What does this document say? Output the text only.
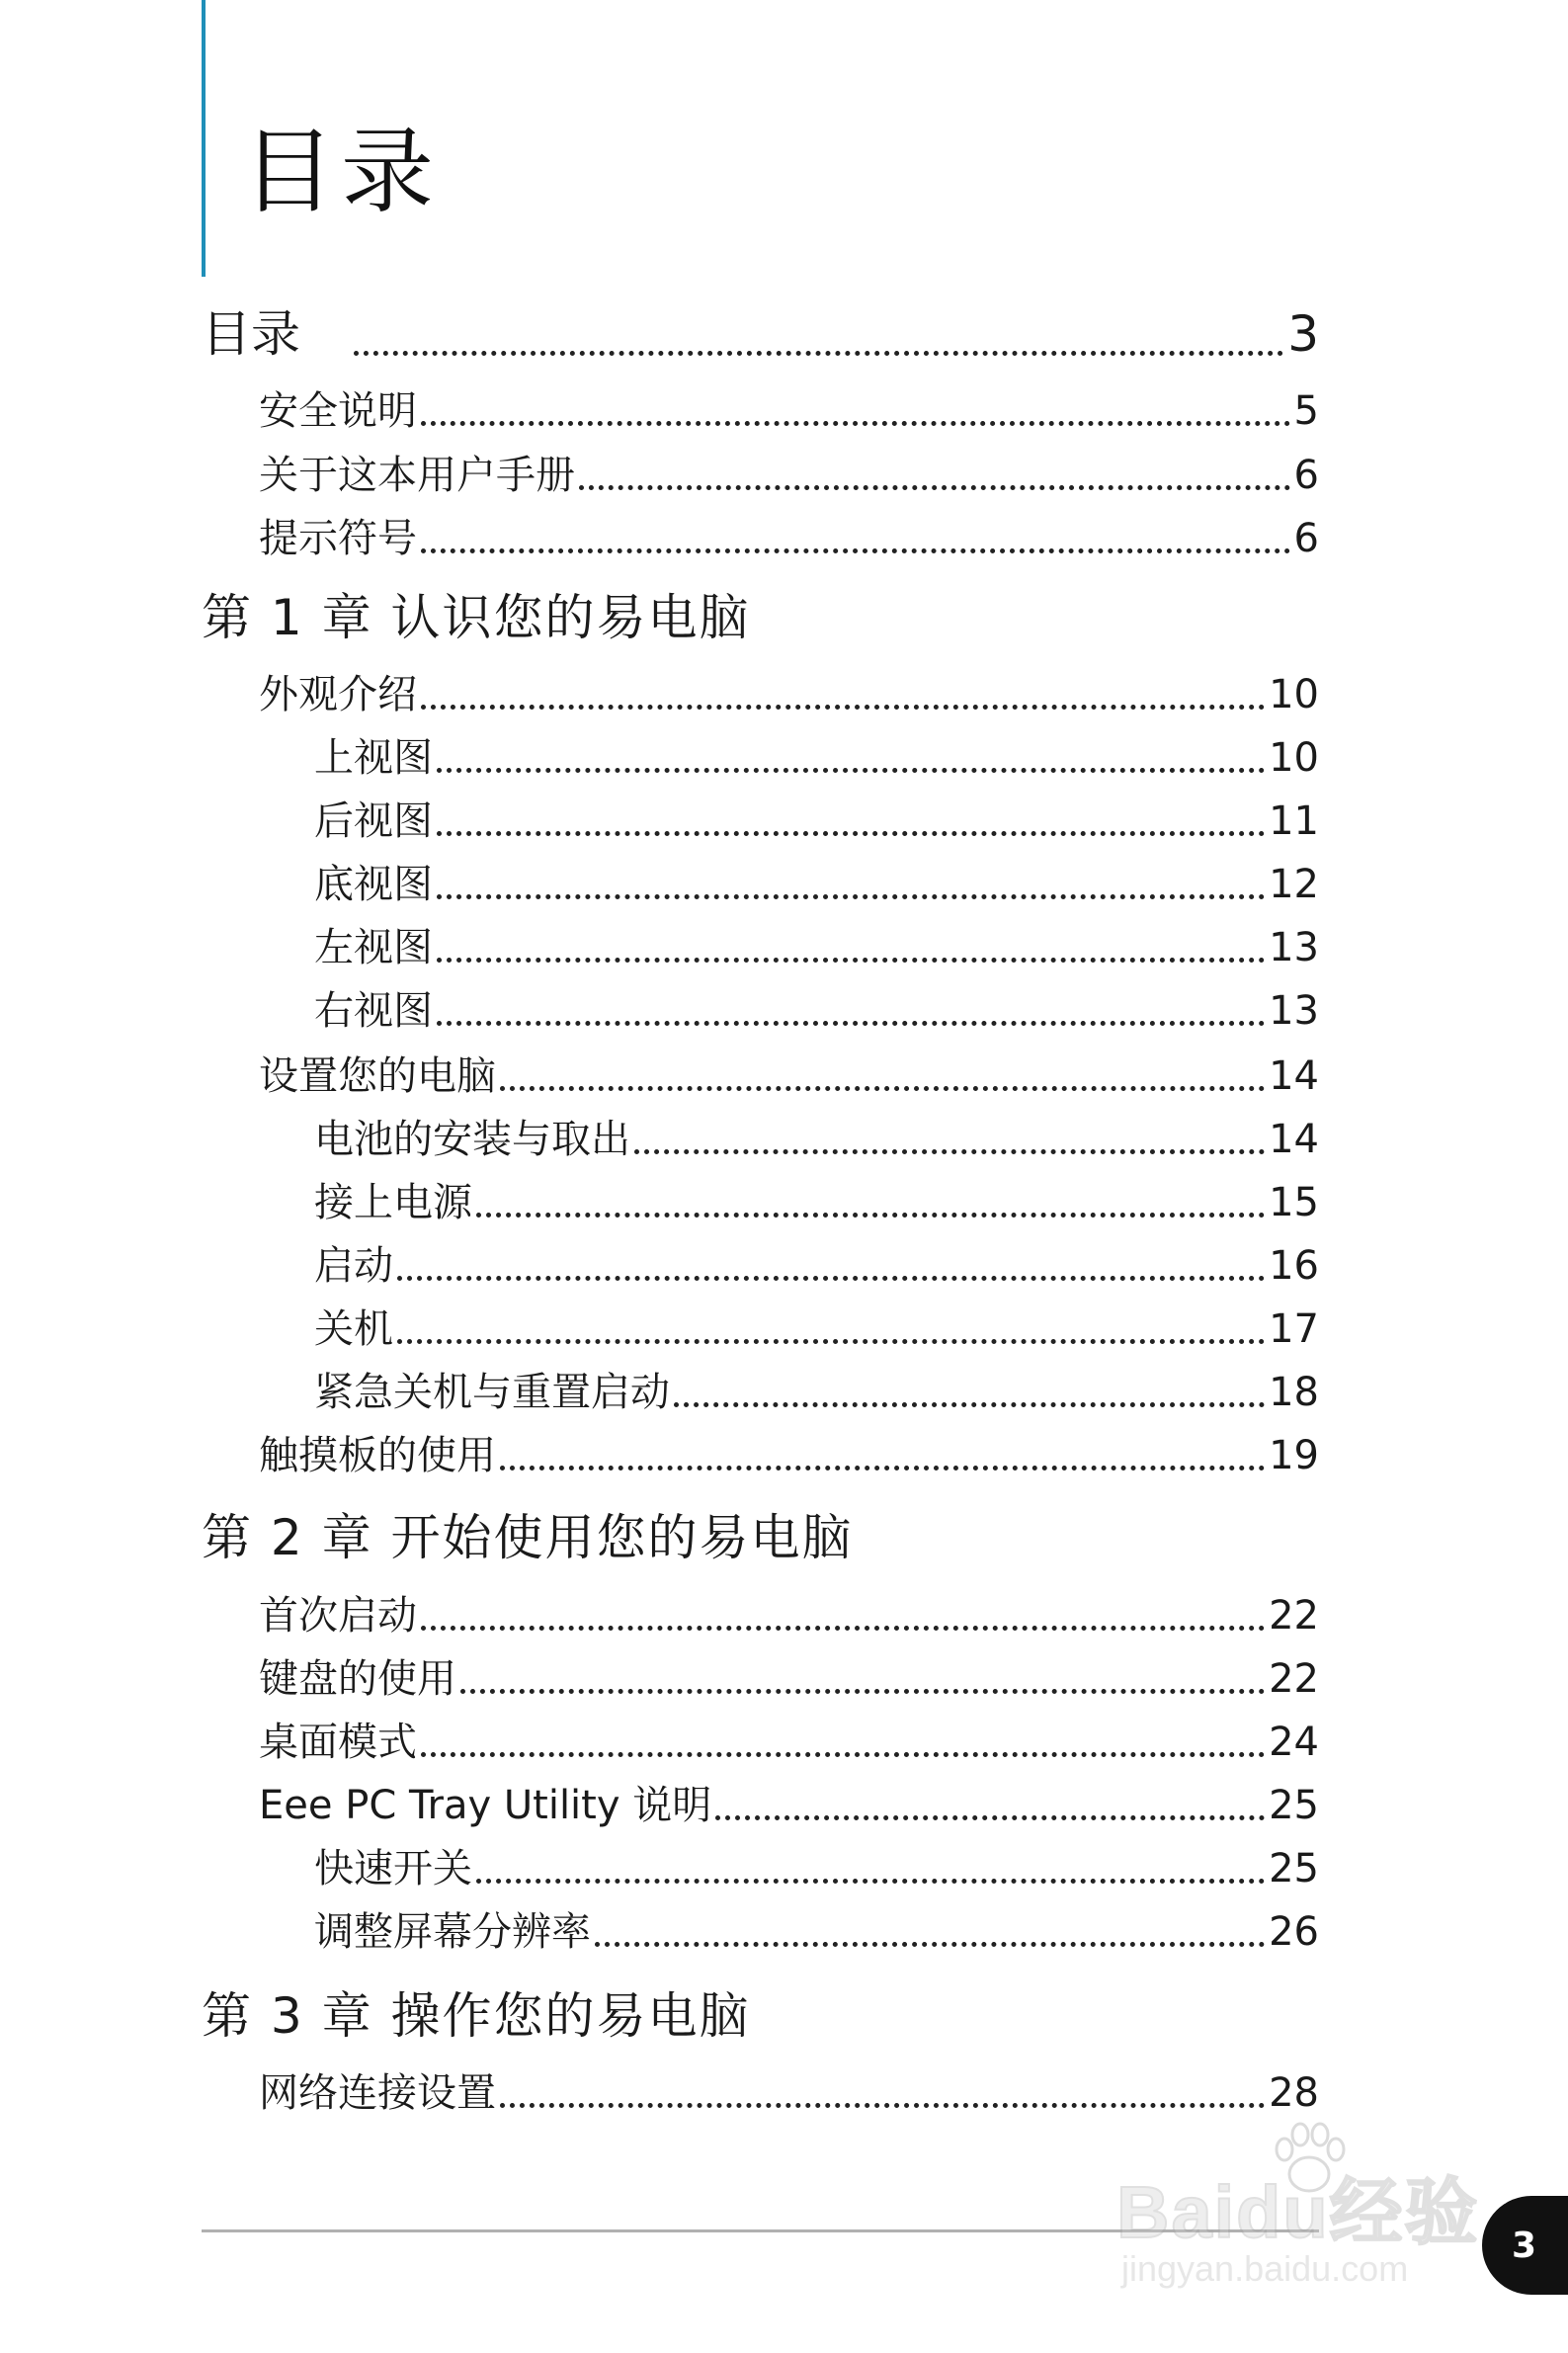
目录
目录	3
安全说明	5
关于这本用户手册	6
提示符号	6
第 1 章 认识您的易电脑
外观介绍	10
上视图	10
后视图	11
底视图	12
左视图	13
右视图	13
设置您的电脑	14
电池的安装与取出	14
接上电源	15
启动	16
关机	17
紧急关机与重置启动	18
触摸板的使用	19
第 2 章 开始使用您的易电脑
首次启动	22
键盘的使用	22
桌面模式	24
Eee PC Tray Utility 说明	25
快速开关	25
调整屏幕分辨率	26
第 3 章 操作您的易电脑
网络连接设置	28
3
Baidu经验
jingyan.baidu.com
